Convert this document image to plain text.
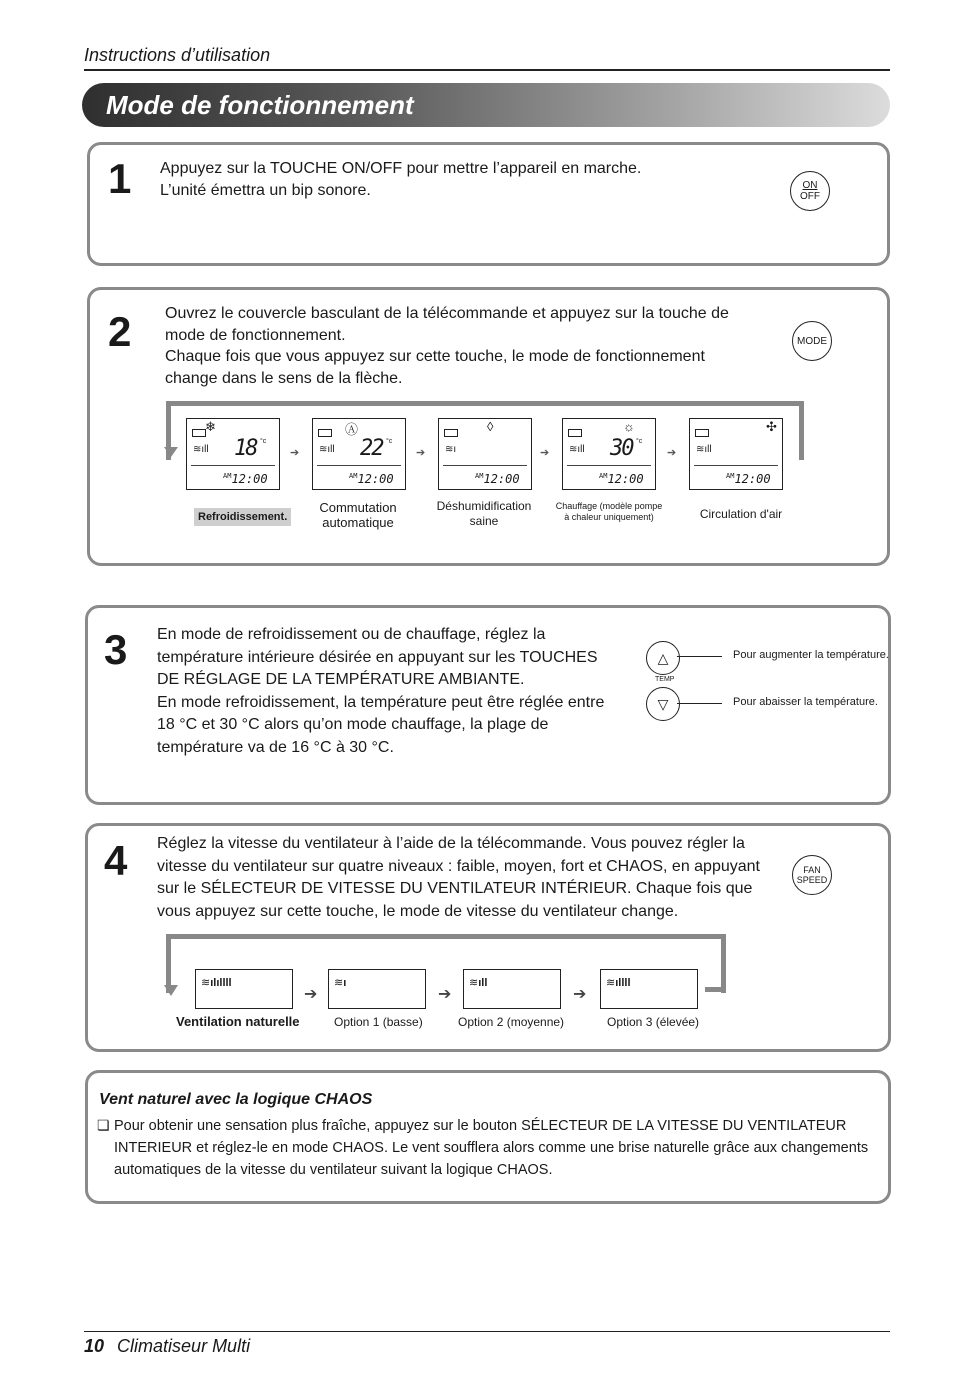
Instructions d’utilisation
Mode de fonctionnement
1 Appuyez sur la TOUCHE ON/OFF pour mettre l’appareil en marche.
L’unité émettra un bip sonore.	ON
OFF
2 Ouvrez le couvercle basculant de la télécommande et appuyez sur la touche de
mode de fonctionnement.
Chaque fois que vous appuyez sur cette touche, le mode de fonctionnement
change dans le sens de la flèche.
MODE
❄
≋ıll 18 °c
$^{AM}$12:00
➔
Ⓐ
≋ıll 22 °c
$^{AM}$12:00
➔
◊
≋ı
$^{AM}$12:00
➔
☼
≋ıll 30 °c
$^{AM}$12:00
➔
✣
≋ıll
$^{AM}$12:00
Refroidissement.
Commutation
automatique
Déshumidification
saine
Chauffage (modèle pompe
à chaleur uniquement)	Circulation d'air
3 En mode de refroidissement ou de chauffage, réglez la
température intérieure désirée en appuyant sur les TOUCHES
DE RÉGLAGE DE LA TEMPÉRATURE AMBIANTE.
En mode refroidissement, la température peut être réglée entre
18 °C et 30 °C alors qu’on mode chauffage, la plage de
température va de 16 °C à 30 °C.
△
TEMP
▽
Pour augmenter la température.
Pour abaisser la température.
4 Réglez la vitesse du ventilateur à l’aide de la télécommande. Vous pouvez régler la
vitesse du ventilateur sur quatre niveaux : faible, moyen, fort et CHAOS, en appuyant
sur le SÉLECTEUR DE VITESSE DU VENTILATEUR INTÉRIEUR. Chaque fois que
vous appuyez sur cette touche, le mode de vitesse du ventilateur change.
FAN
SPEED
≋ılıllll
➔
≋ı
➔
≋ıll
➔
≋ıllll
Ventilation naturelle	Option 1 (basse)	Option 2 (moyenne)	Option 3 (élevée)
Vent naturel avec la logique CHAOS
❏ Pour obtenir une sensation plus fraîche, appuyez sur le bouton SÉLECTEUR DE LA VITESSE DU VENTILATEUR
INTERIEUR et réglez-le en mode CHAOS. Le vent soufflera alors comme une brise naturelle grâce aux changements
automatiques de la vitesse du ventilateur suivant la logique CHAOS.
10 Climatiseur Multi
